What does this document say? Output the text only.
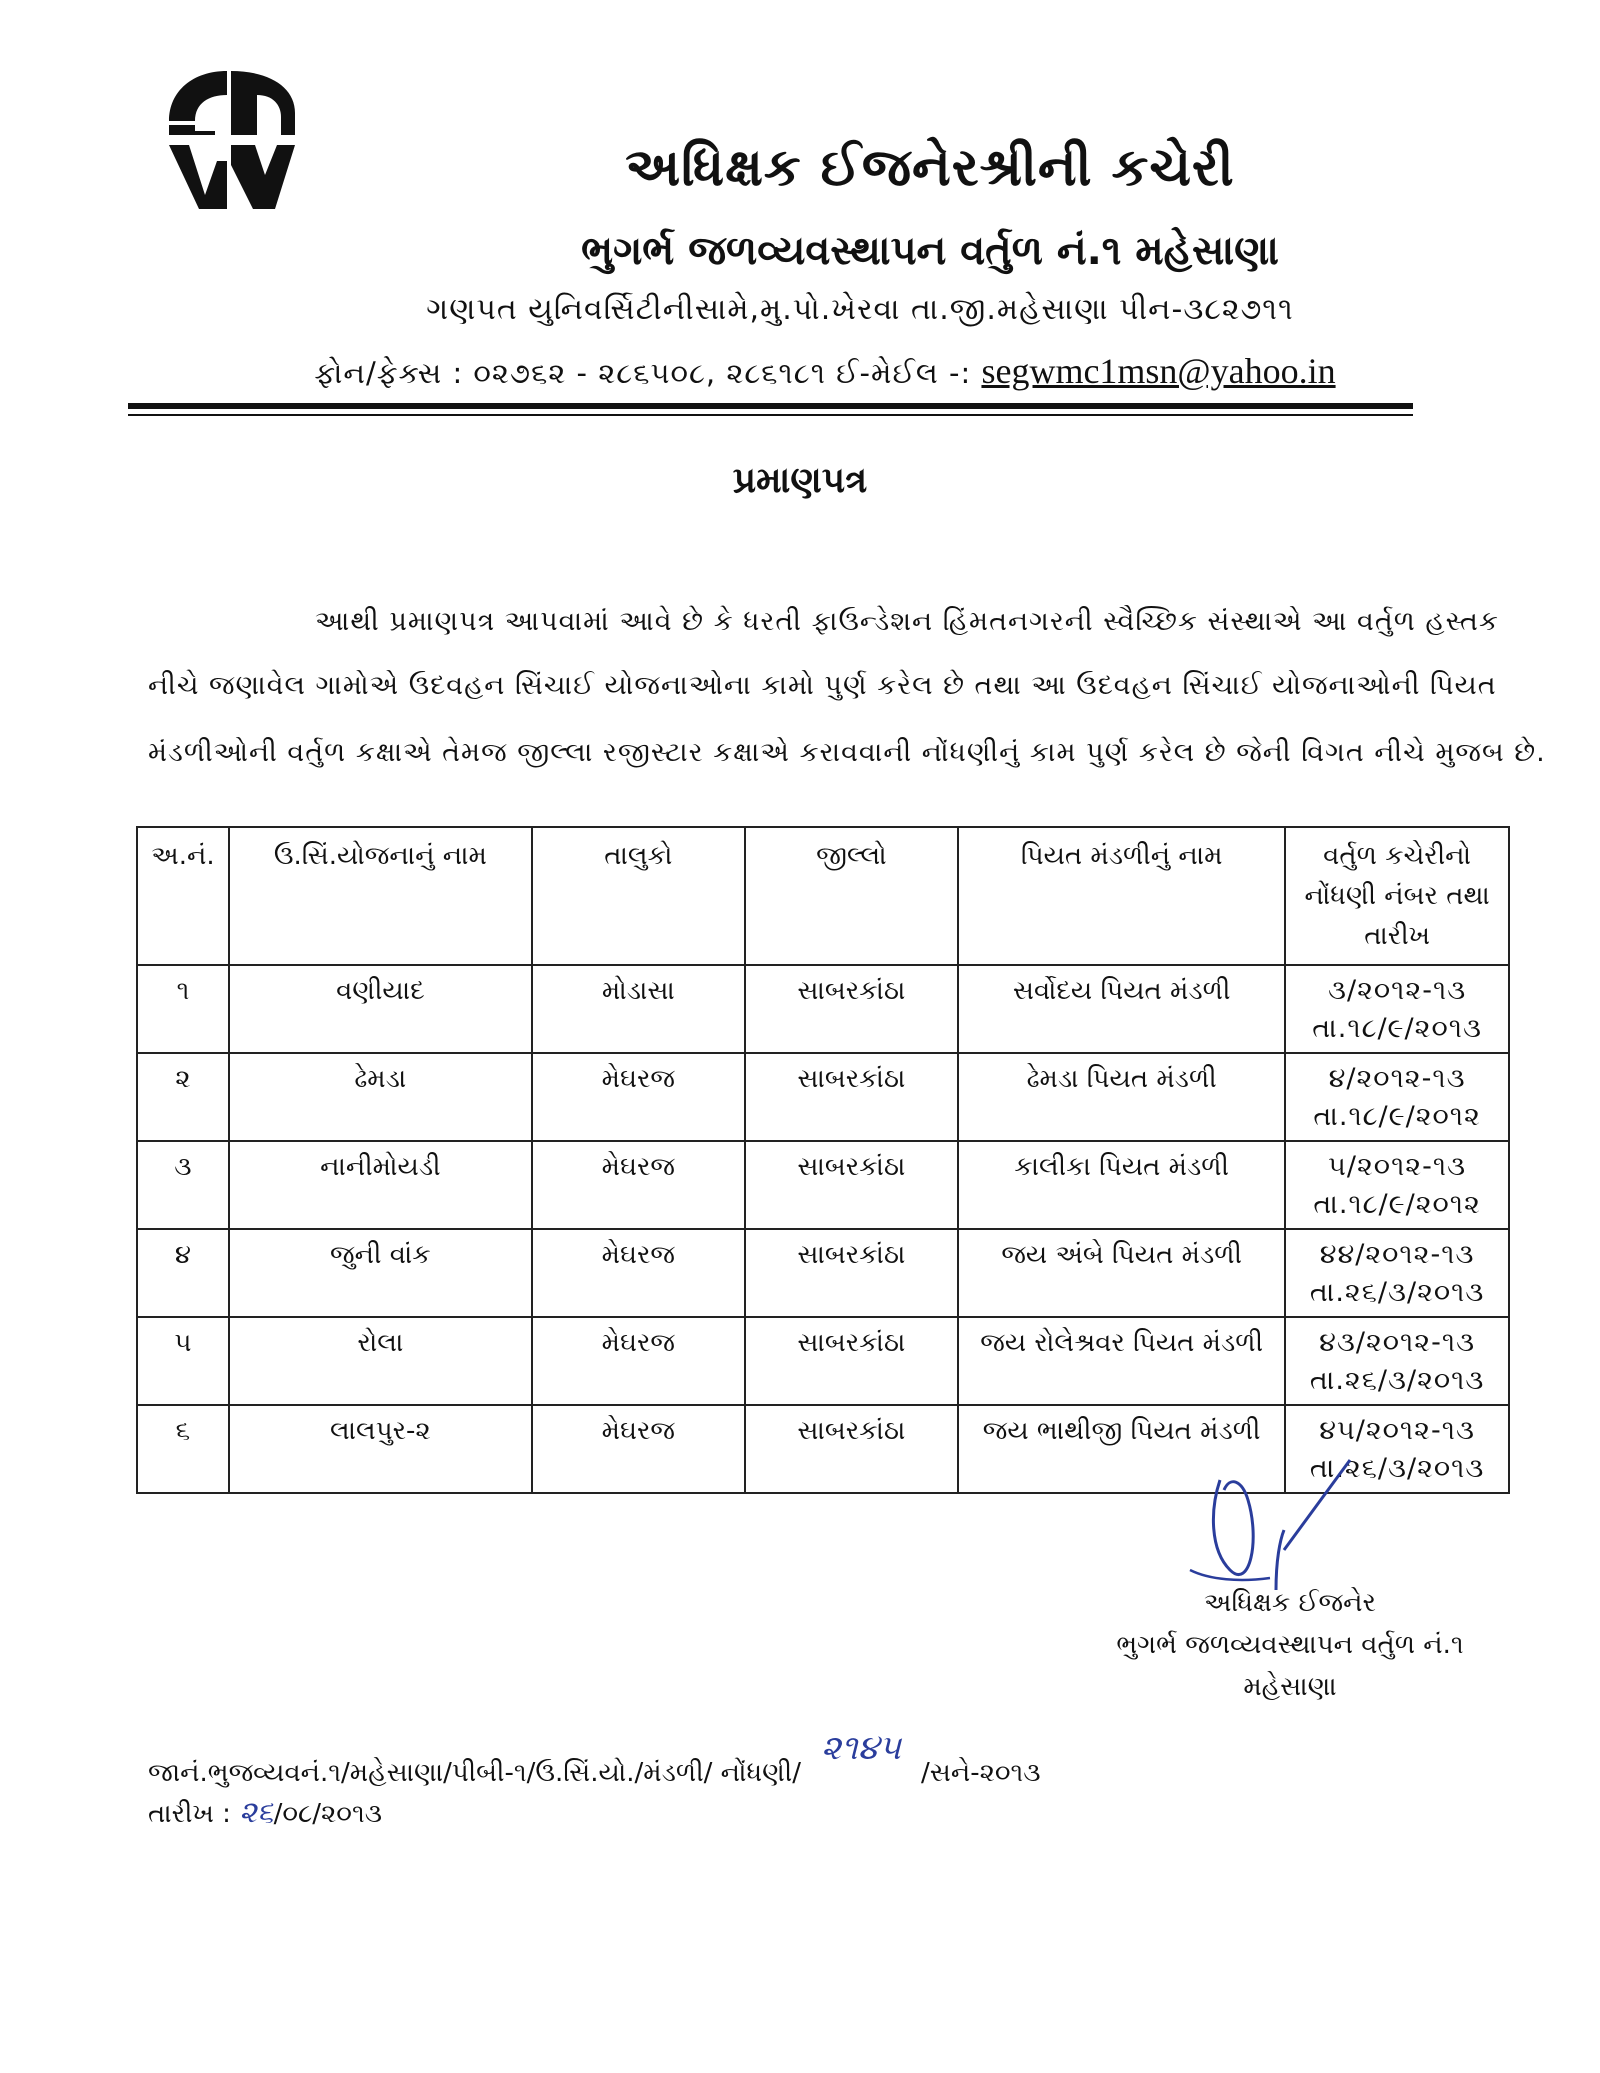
અધિક્ષક ઈજનેરશ્રીની કચેરી
ભુગર્ભ જળવ્યવસ્થાપન વર્તુળ નં.૧ મહેસાણા
ગણપત યુનિવર્સિટીનીસામે,મુ.પો.ખેરવા તા.જી.મહેસાણા પીન-૩૮૨૭૧૧
ફોન/ફેક્સ : ૦૨૭૬૨ - ૨૮૬૫૦૮, ૨૮૬૧૮૧ ઈ-મેઈલ -: segwmc1msn@yahoo.in
પ્રમાણપત્ર
આથી પ્રમાણપત્ર આપવામાં આવે છે કે ધરતી ફાઉન્ડેશન હિંમતનગરની સ્વૈચ્છિક સંસ્થાએ આ વર્તુળ હસ્તક
નીચે જણાવેલ ગામોએ ઉદવહન સિંચાઈ યોજનાઓના કામો પુર્ણ કરેલ છે તથા આ ઉદવહન સિંચાઈ યોજનાઓની પિયત
મંડળીઓની વર્તુળ કક્ષાએ તેમજ જીલ્લા રજીસ્ટાર કક્ષાએ કરાવવાની નોંધણીનું કામ પુર્ણ કરેલ છે જેની વિગત નીચે મુજબ છે.
અ.નં.	ઉ.સિં.યોજનાનું નામ	તાલુકો	જીલ્લો	પિયત મંડળીનું નામ	વર્તુળ કચેરીનો નોંધણી નંબર તથા તારીખ
૧	વણીયાદ	મોડાસા	સાબરકાંઠા	સર્વોદય પિયત મંડળી	૩/૨૦૧૨-૧૩
તા.૧૮/૯/૨૦૧૩

૨	ઢેમડા	મેઘરજ	સાબરકાંઠા	ઢેમડા પિયત મંડળી	૪/૨૦૧૨-૧૩
તા.૧૮/૯/૨૦૧૨

૩	નાનીમોયડી	મેઘરજ	સાબરકાંઠા	કાલીકા પિયત મંડળી	૫/૨૦૧૨-૧૩
તા.૧૮/૯/૨૦૧૨

૪	જુની વાંક	મેઘરજ	સાબરકાંઠા	જય અંબે પિયત મંડળી	૪૪/૨૦૧૨-૧૩
તા.૨૬/૩/૨૦૧૩

૫	રોલા	મેઘરજ	સાબરકાંઠા	જય રોલેશ્રવર પિયત મંડળી	૪૩/૨૦૧૨-૧૩
તા.૨૬/૩/૨૦૧૩

૬	લાલપુર-૨	મેઘરજ	સાબરકાંઠા	જય ભાથીજી પિયત મંડળી	૪૫/૨૦૧૨-૧૩
તા.૨૬/૩/૨૦૧૩
અધિક્ષક ઈજનેર
ભુગર્ભ જળવ્યવસ્થાપન વર્તુળ નં.૧
મહેસાણા
જાનં.ભુજવ્યવનં.૧/મહેસાણા/પીબી-૧/ઉ.સિં.યો./મંડળી/ નોંધણી/૨૧૪૫/સને-૨૦૧૩
તારીખ : ૨૬/૦૮/૨૦૧૩
